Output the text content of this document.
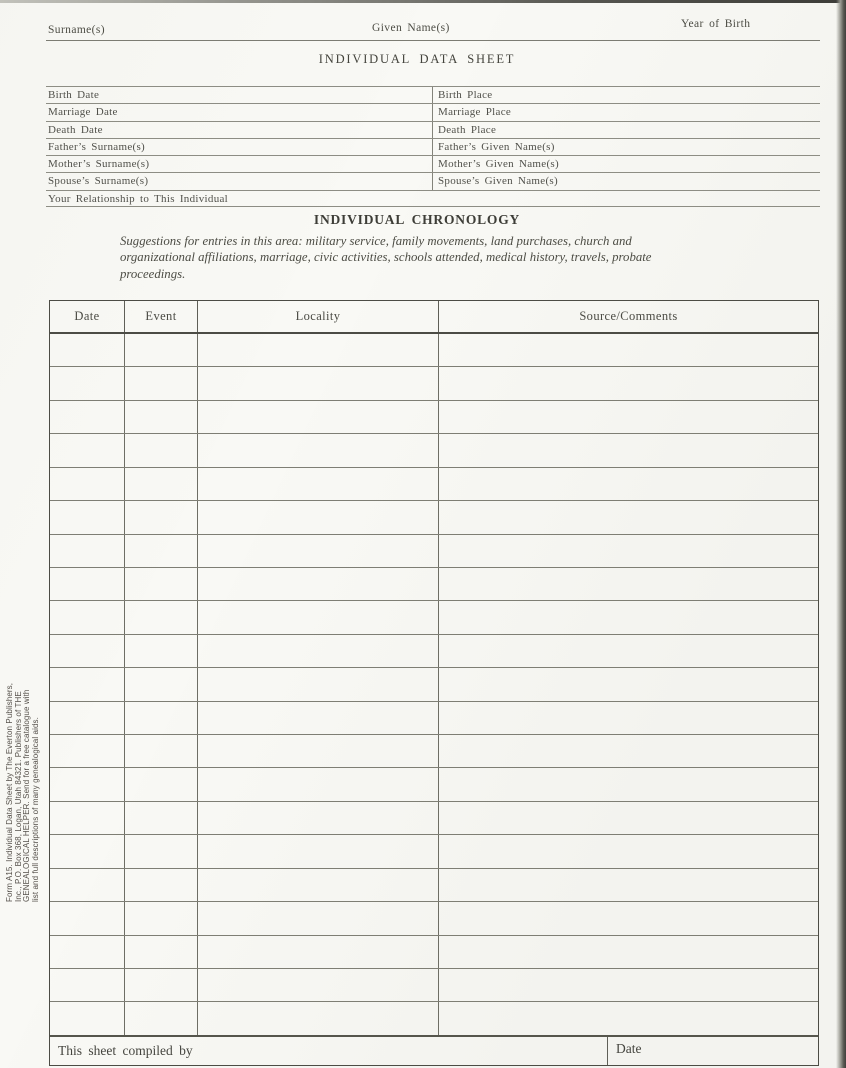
Surname(s)	Given Name(s)	Year of Birth
INDIVIDUAL DATA SHEET
Birth Date	Birth Place
Marriage Date	Marriage Place
Death Date	Death Place
Father’s Surname(s)	Father’s Given Name(s)
Mother’s Surname(s)	Mother’s Given Name(s)
Spouse’s Surname(s)	Spouse’s Given Name(s)
Your Relationship to This Individual
INDIVIDUAL CHRONOLOGY
Suggestions for entries in this area: military service, family movements, land purchases, church and
organizational affiliations, marriage, civic activities, schools attended, medical history, travels, probate
proceedings.
Date	Event	Locality	Source/Comments
This sheet compiled by	Date
Form A15. Individual Data Sheet by The Everton Publishers, Inc., P.O. Box 368, Logan, Utah 84321. Publishers of THE GENEALOGICAL HELPER. Send for a free catalogue with list and full descriptions of many genealogical aids.
